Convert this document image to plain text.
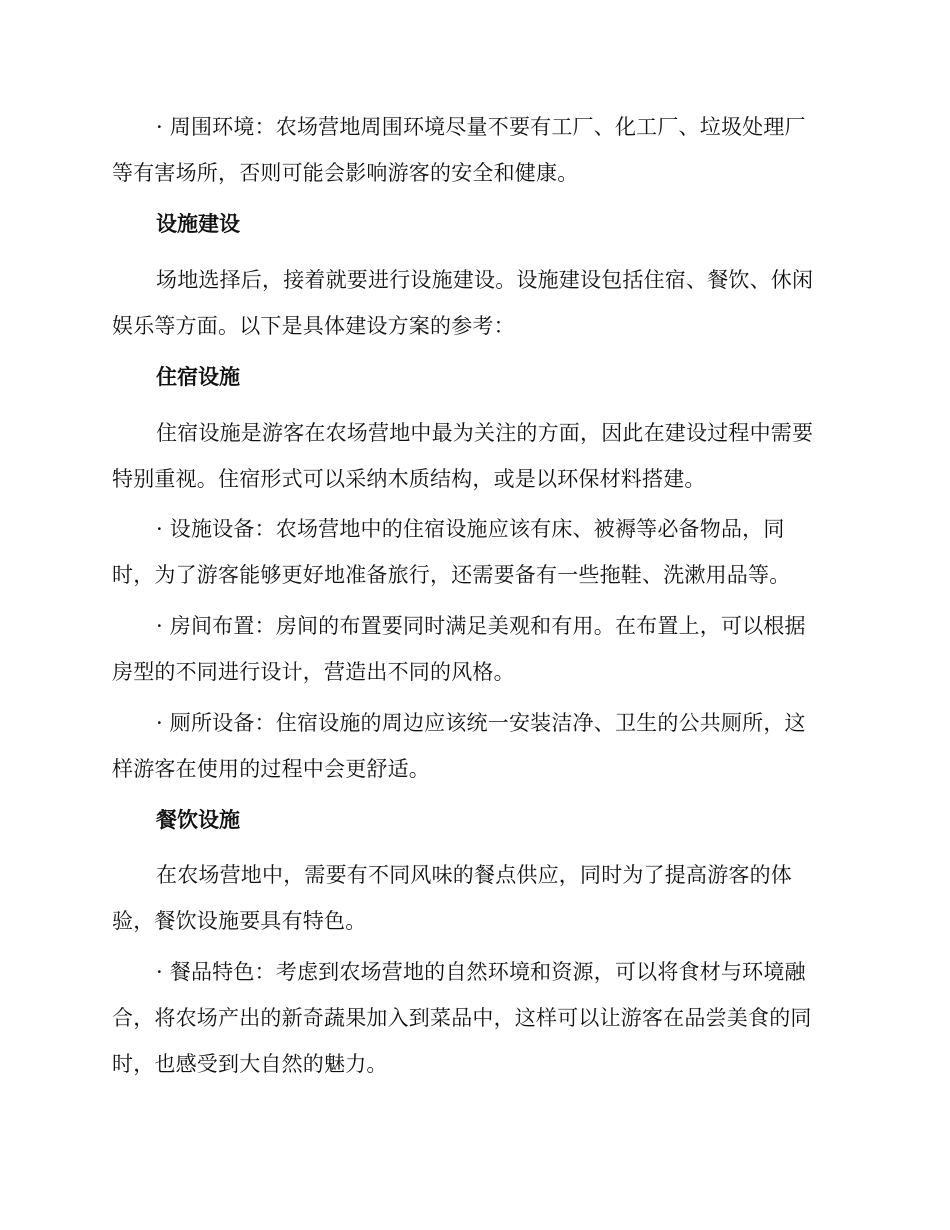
· 周围环境：农场营地周围环境尽量不要有工厂、化工厂、垃圾处理厂
等有害场所，否则可能会影响游客的安全和健康。
设施建设
场地选择后，接着就要进行设施建设。设施建设包括住宿、餐饮、休闲
娱乐等方面。以下是具体建设方案的参考：
住宿设施
住宿设施是游客在农场营地中最为关注的方面，因此在建设过程中需要
特别重视。住宿形式可以采纳木质结构，或是以环保材料搭建。
· 设施设备：农场营地中的住宿设施应该有床、被褥等必备物品，同
时，为了游客能够更好地准备旅行，还需要备有一些拖鞋、洗漱用品等。
· 房间布置：房间的布置要同时满足美观和有用。在布置上，可以根据
房型的不同进行设计，营造出不同的风格。
· 厕所设备：住宿设施的周边应该统一安装洁净、卫生的公共厕所，这
样游客在使用的过程中会更舒适。
餐饮设施
在农场营地中，需要有不同风味的餐点供应，同时为了提高游客的体
验，餐饮设施要具有特色。
· 餐品特色：考虑到农场营地的自然环境和资源，可以将食材与环境融
合，将农场产出的新奇蔬果加入到菜品中，这样可以让游客在品尝美食的同
时，也感受到大自然的魅力。
